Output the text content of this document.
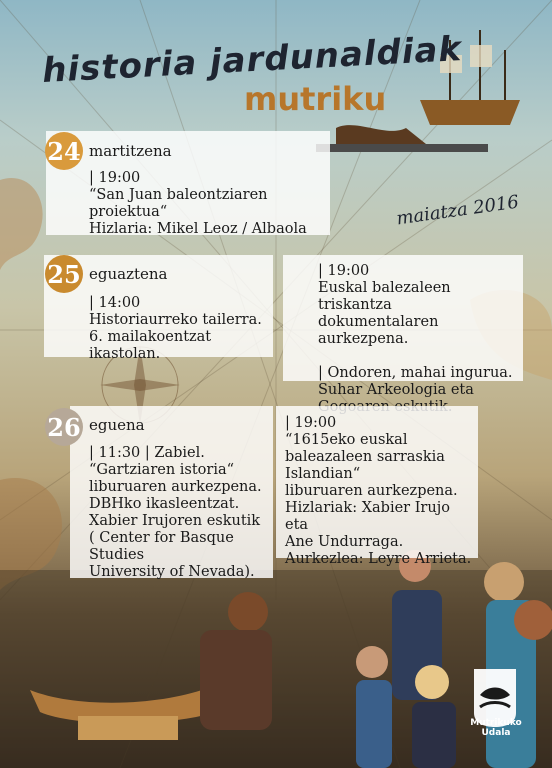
historia jardunaldiak
mutriku
maiatza 2016
24 martitzena

| 19:00

“San Juan baleontziaren proiektua“

Hizlaria: Mikel Leoz / Albaola

25 eguaztena

| 14:00

Historiaurreko tailerra.

6. mailakoentzat ikastolan.

| 19:00

Euskal balezaleen triskantza

dokumentalaren aurkezpena.

| Ondoren, mahai ingurua.

Suhar Arkeologia eta

26 eguena

| 11:30 | Zabiel.

“Gartziaren istoria“

liburuaren aurkezpena.

DBHko ikasleentzat.

Xabier Irujoren eskutik

( Center for Basque Studies

University of Nevada).

| 19:00

“1615eko euskal

baleazaleen sarraskia

Islandian“

liburuaren aurkezpena.

Hizlariak: Xabier Irujo eta

Ane Undurraga.

Aurkezlea: Leyre Arrieta.

Mutrikuko
Udala
